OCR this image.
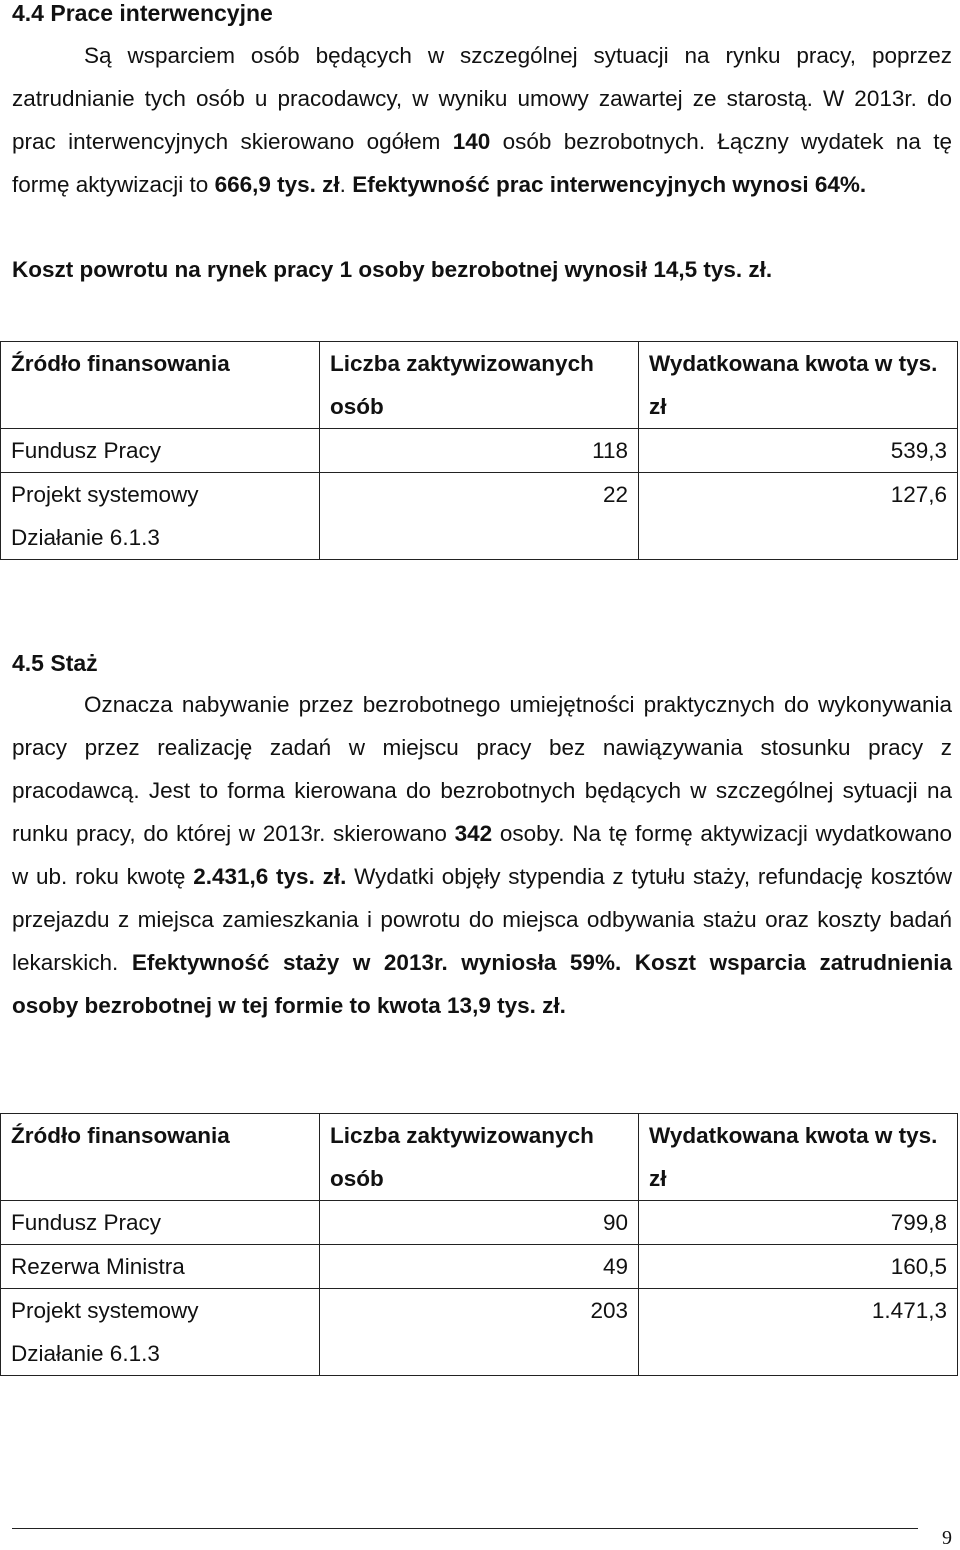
4.4 Prace interwencyjne

Są wsparciem osób będących w szczególnej sytuacji na rynku pracy, poprzez zatrudnianie tych osób u pracodawcy, w wyniku umowy zawartej ze starostą. W 2013r. do prac interwencyjnych skierowano ogółem 140 osób bezrobotnych. Łączny wydatek na tę formę aktywizacji to 666,9 tys. zł. Efektywność prac interwencyjnych wynosi 64%.

Koszt powrotu na rynek pracy 1 osoby bezrobotnej wynosił 14,5 tys. zł.

Źródło finansowania	Liczba zaktywizowanych osób	Wydatkowana kwota w tys. zł
Fundusz Pracy	118	539,3
Projekt systemowy Działanie 6.1.3	22	127,6
4.5 Staż

Oznacza nabywanie przez bezrobotnego umiejętności praktycznych do wykonywania pracy przez realizację zadań w miejscu pracy bez nawiązywania stosunku pracy z pracodawcą. Jest to forma kierowana do bezrobotnych będących w szczególnej sytuacji na runku pracy, do której w 2013r. skierowano 342 osoby. Na tę formę aktywizacji wydatkowano w ub. roku kwotę 2.431,6 tys. zł. Wydatki objęły stypendia z tytułu staży, refundację kosztów przejazdu z miejsca zamieszkania i powrotu do miejsca odbywania stażu oraz koszty badań lekarskich. Efektywność staży w 2013r. wyniosła 59%. Koszt wsparcia zatrudnienia osoby bezrobotnej w tej formie to kwota 13,9 tys. zł.

Źródło finansowania	Liczba zaktywizowanych osób	Wydatkowana kwota w tys. zł
Fundusz Pracy	90	799,8
Rezerwa Ministra	49	160,5
Projekt systemowy Działanie 6.1.3	203	1.471,3
9
